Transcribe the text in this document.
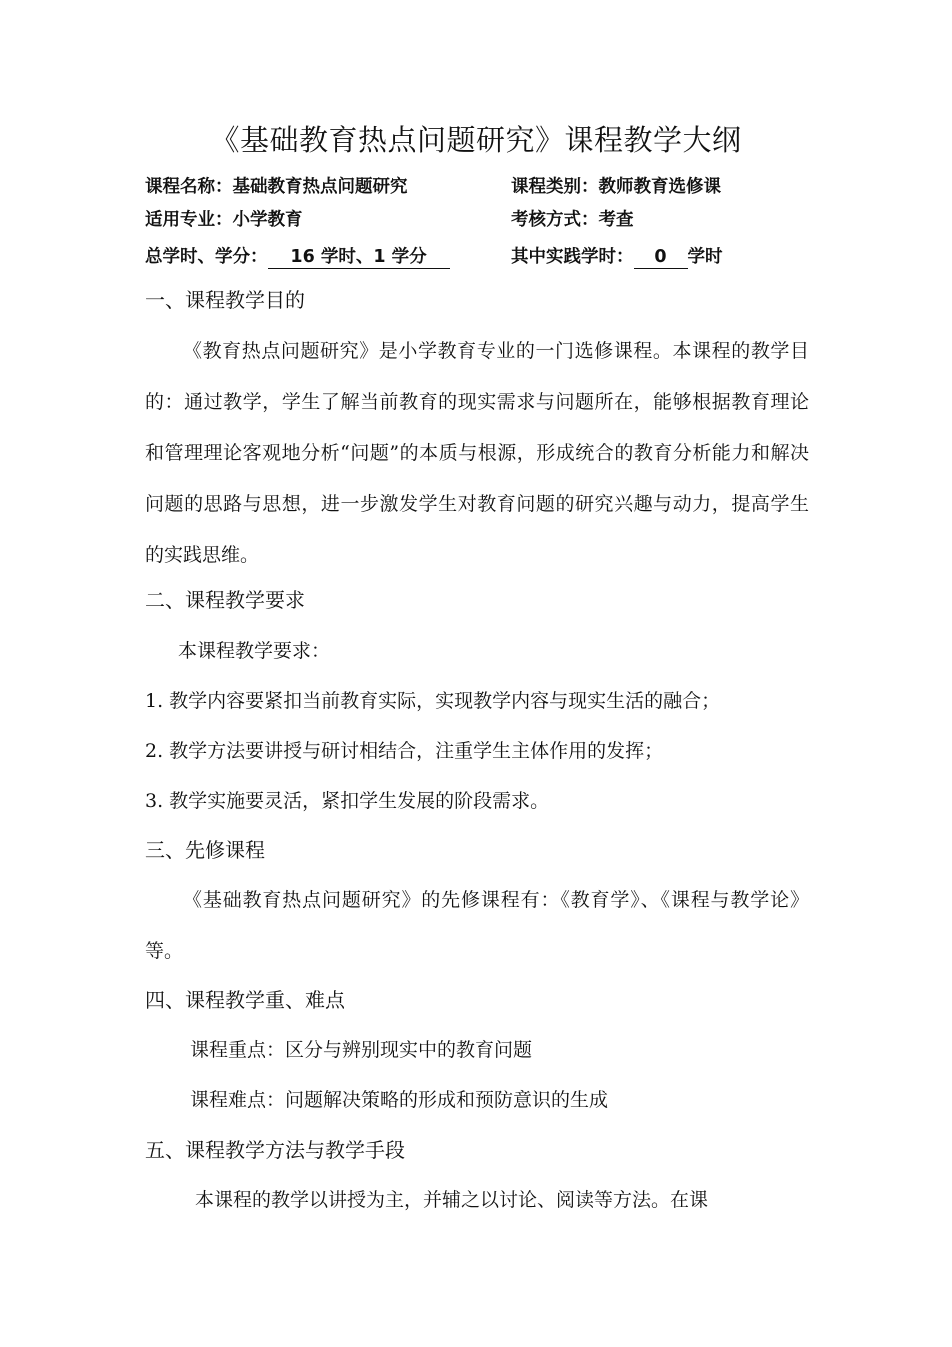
《基础教育热点问题研究》课程教学大纲
课程名称：基础教育热点问题研究	课程类别：教师教育选修课
适用专业：小学教育	考核方式：考查
总学时、学分： 16 学时、1 学分	其中实践学时： 0 学时
一、课程教学目的

《教育热点问题研究》是小学教育专业的一门选修课程。本课程的教学目的：通过教学，学生了解当前教育的现实需求与问题所在，能够根据教育理论和管理理论客观地分析“问题”的本质与根源，形成统合的教育分析能力和解决问题的思路与思想，进一步激发学生对教育问题的研究兴趣与动力，提高学生的实践思维。

二、课程教学要求
本课程教学要求：
1. 教学内容要紧扣当前教育实际，实现教学内容与现实生活的融合；
2. 教学方法要讲授与研讨相结合，注重学生主体作用的发挥；
3. 教学实施要灵活，紧扣学生发展的阶段需求。
三、先修课程

《基础教育热点问题研究》的先修课程有：《教育学》、《课程与教学论》等。

四、课程教学重、难点
课程重点：区分与辨别现实中的教育问题
课程难点：问题解决策略的形成和预防意识的生成
五、课程教学方法与教学手段
本课程的教学以讲授为主，并辅之以讨论、阅读等方法。在课
